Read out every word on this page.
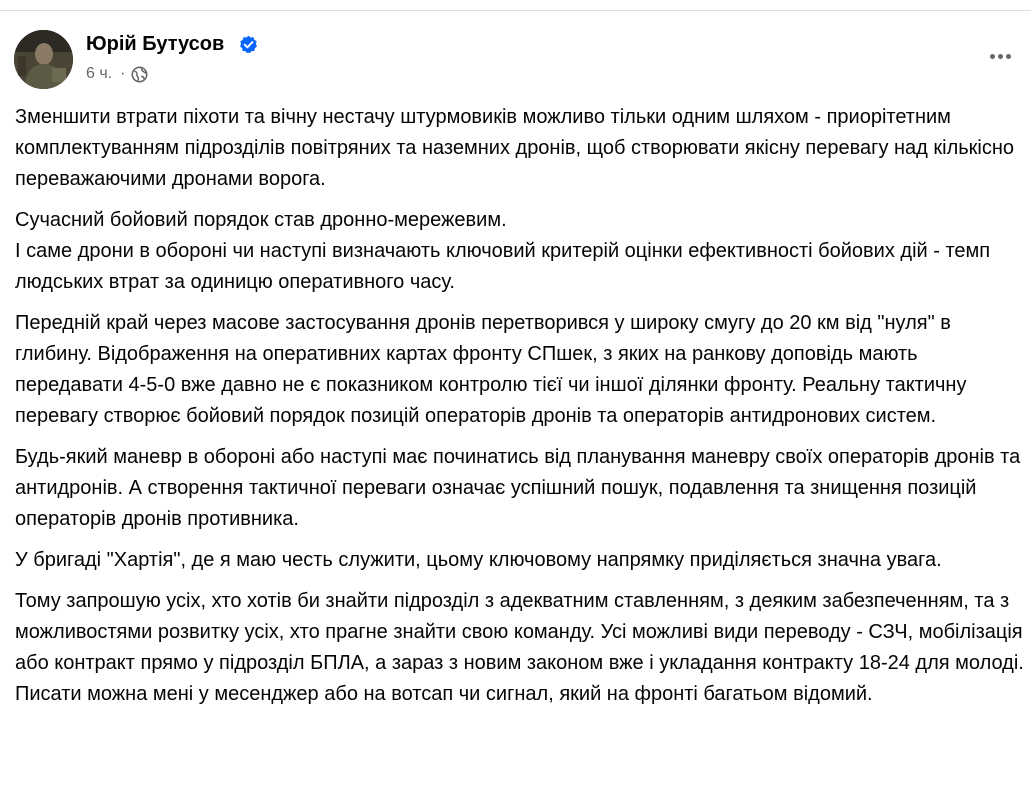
Юрій Бутусов
6 ч. ·

Зменшити втрати піхоти та вічну нестачу штурмовиків можливо тільки одним шляхом - приорітетним комплектуванням підрозділів повітряних та наземних дронів, щоб створювати якісну перевагу над кількісно переважаючими дронами ворога.

Сучасний бойовий порядок став дронно-мережевим.
І саме дрони в обороні чи наступі визначають ключовий критерій оцінки ефективності бойових дій - темп людських втрат за одиницю оперативного часу.

Передній край через масове застосування дронів перетворився у широку смугу до 20 км від "нуля" в глибину. Відображення на оперативних картах фронту СПшек, з яких на ранкову доповідь мають передавати 4-5-0 вже давно не є показником контролю тієї чи іншої ділянки фронту. Реальну тактичну перевагу створює бойовий порядок позицій операторів дронів та операторів антидронових систем.

Будь-який маневр в обороні або наступі має починатись від планування маневру своїх операторів дронів та антидронів. А створення тактичної переваги означає успішний пошук, подавлення та знищення позицій операторів дронів противника.

У бригаді "Хартія", де я маю честь служити, цьому ключовому напрямку приділяється значна увага.

Тому запрошую усіх, хто хотів би знайти підрозділ з адекватним ставленням, з деяким забезпеченням, та з можливостями розвитку усіх, хто прагне знайти свою команду. Усі можливі види переводу - СЗЧ, мобілізація або контракт прямо у підрозділ БПЛА, а зараз з новим законом вже і укладання контракту 18-24 для молоді. Писати можна мені у месенджер або на вотсап чи сигнал, який на фронті багатьом відомий.
